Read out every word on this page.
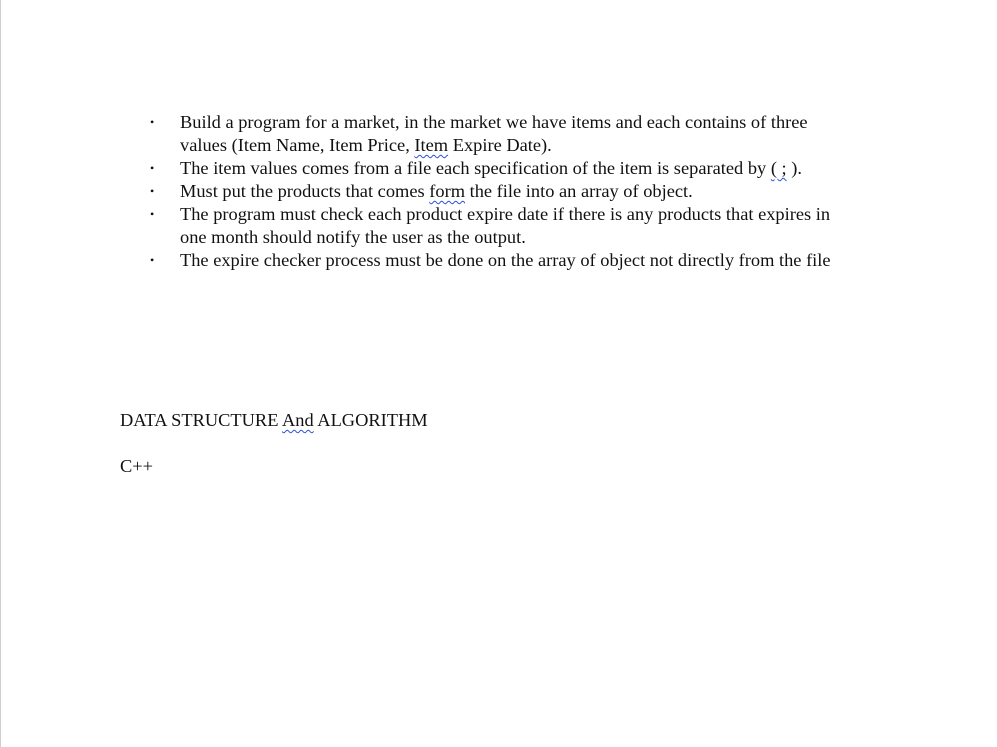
•	Build a program for a market, in the market we have items and each contains of three
values (Item Name, Item Price, Item Expire Date).
•	The item values comes from a file each specification of the item is separated by ( ; ).
•	Must put the products that comes form the file into an array of object.
•	The program must check each product expire date if there is any products that expires in
one month should notify the user as the output.
•	The expire checker process must be done on the array of object not directly from the file
DATA STRUCTURE And ALGORITHM
C++
